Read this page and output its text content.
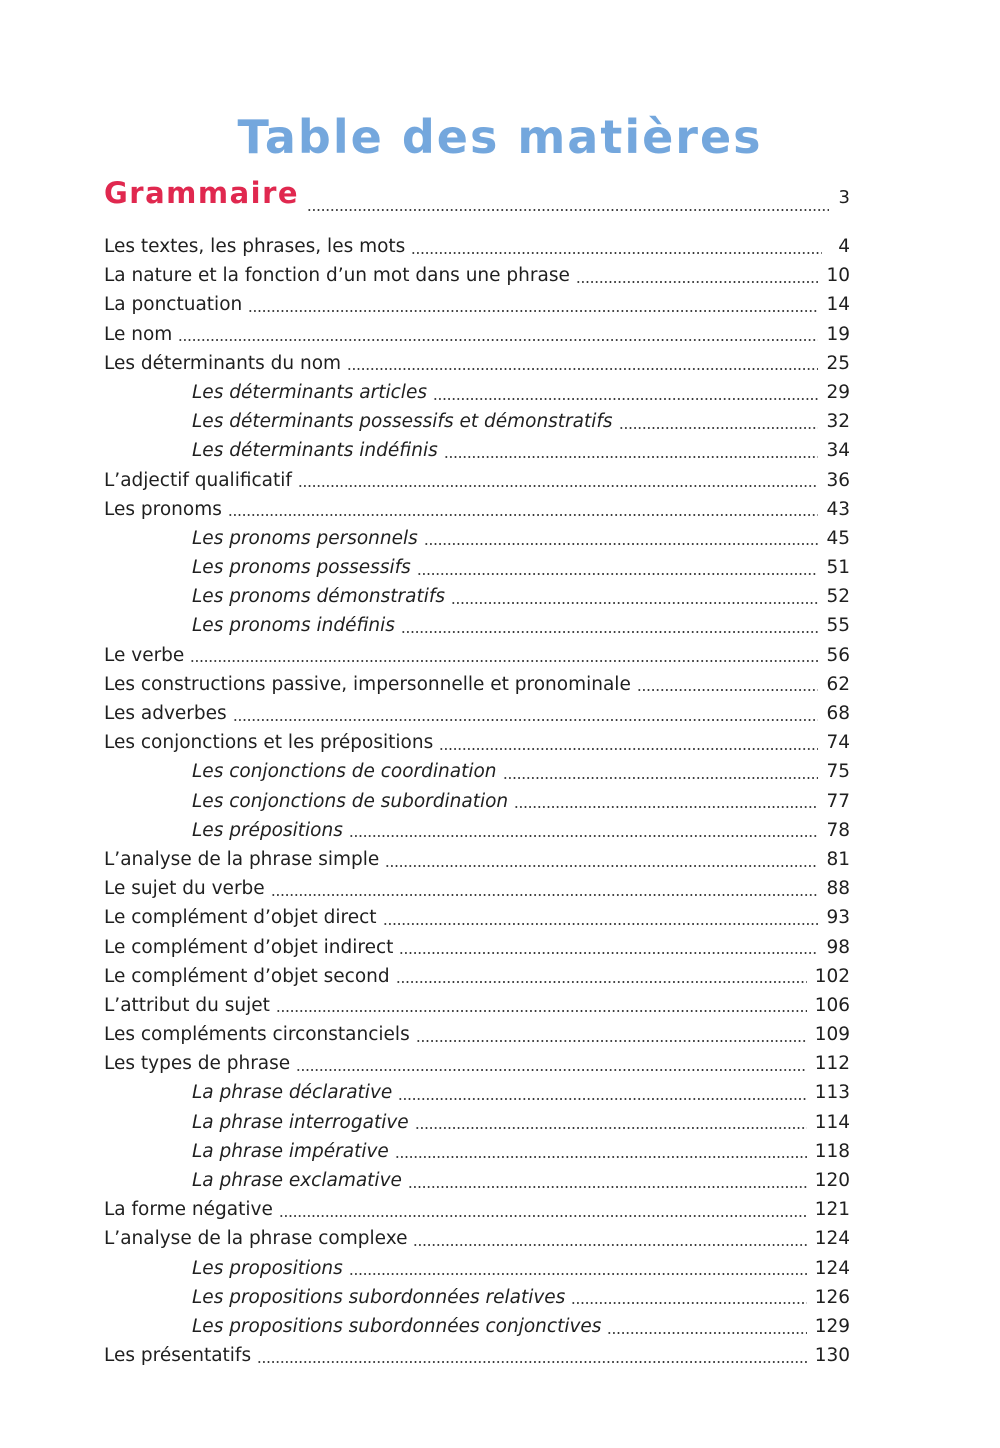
Table des matières
Grammaire	3
Les textes, les phrases, les mots	4
La nature et la fonction d’un mot dans une phrase	10
La ponctuation	14
Le nom	19
Les déterminants du nom	25
Les déterminants articles	29
Les déterminants possessifs et démonstratifs	32
Les déterminants indéfinis	34
L’adjectif qualificatif	36
Les pronoms	43
Les pronoms personnels	45
Les pronoms possessifs	51
Les pronoms démonstratifs	52
Les pronoms indéfinis	55
Le verbe	56
Les constructions passive, impersonnelle et pronominale	62
Les adverbes	68
Les conjonctions et les prépositions	74
Les conjonctions de coordination	75
Les conjonctions de subordination	77
Les prépositions	78
L’analyse de la phrase simple	81
Le sujet du verbe	88
Le complément d’objet direct	93
Le complément d’objet indirect	98
Le complément d’objet second	102
L’attribut du sujet	106
Les compléments circonstanciels	109
Les types de phrase	112
La phrase déclarative	113
La phrase interrogative	114
La phrase impérative	118
La phrase exclamative	120
La forme négative	121
L’analyse de la phrase complexe	124
Les propositions	124
Les propositions subordonnées relatives	126
Les propositions subordonnées conjonctives	129
Les présentatifs	130
